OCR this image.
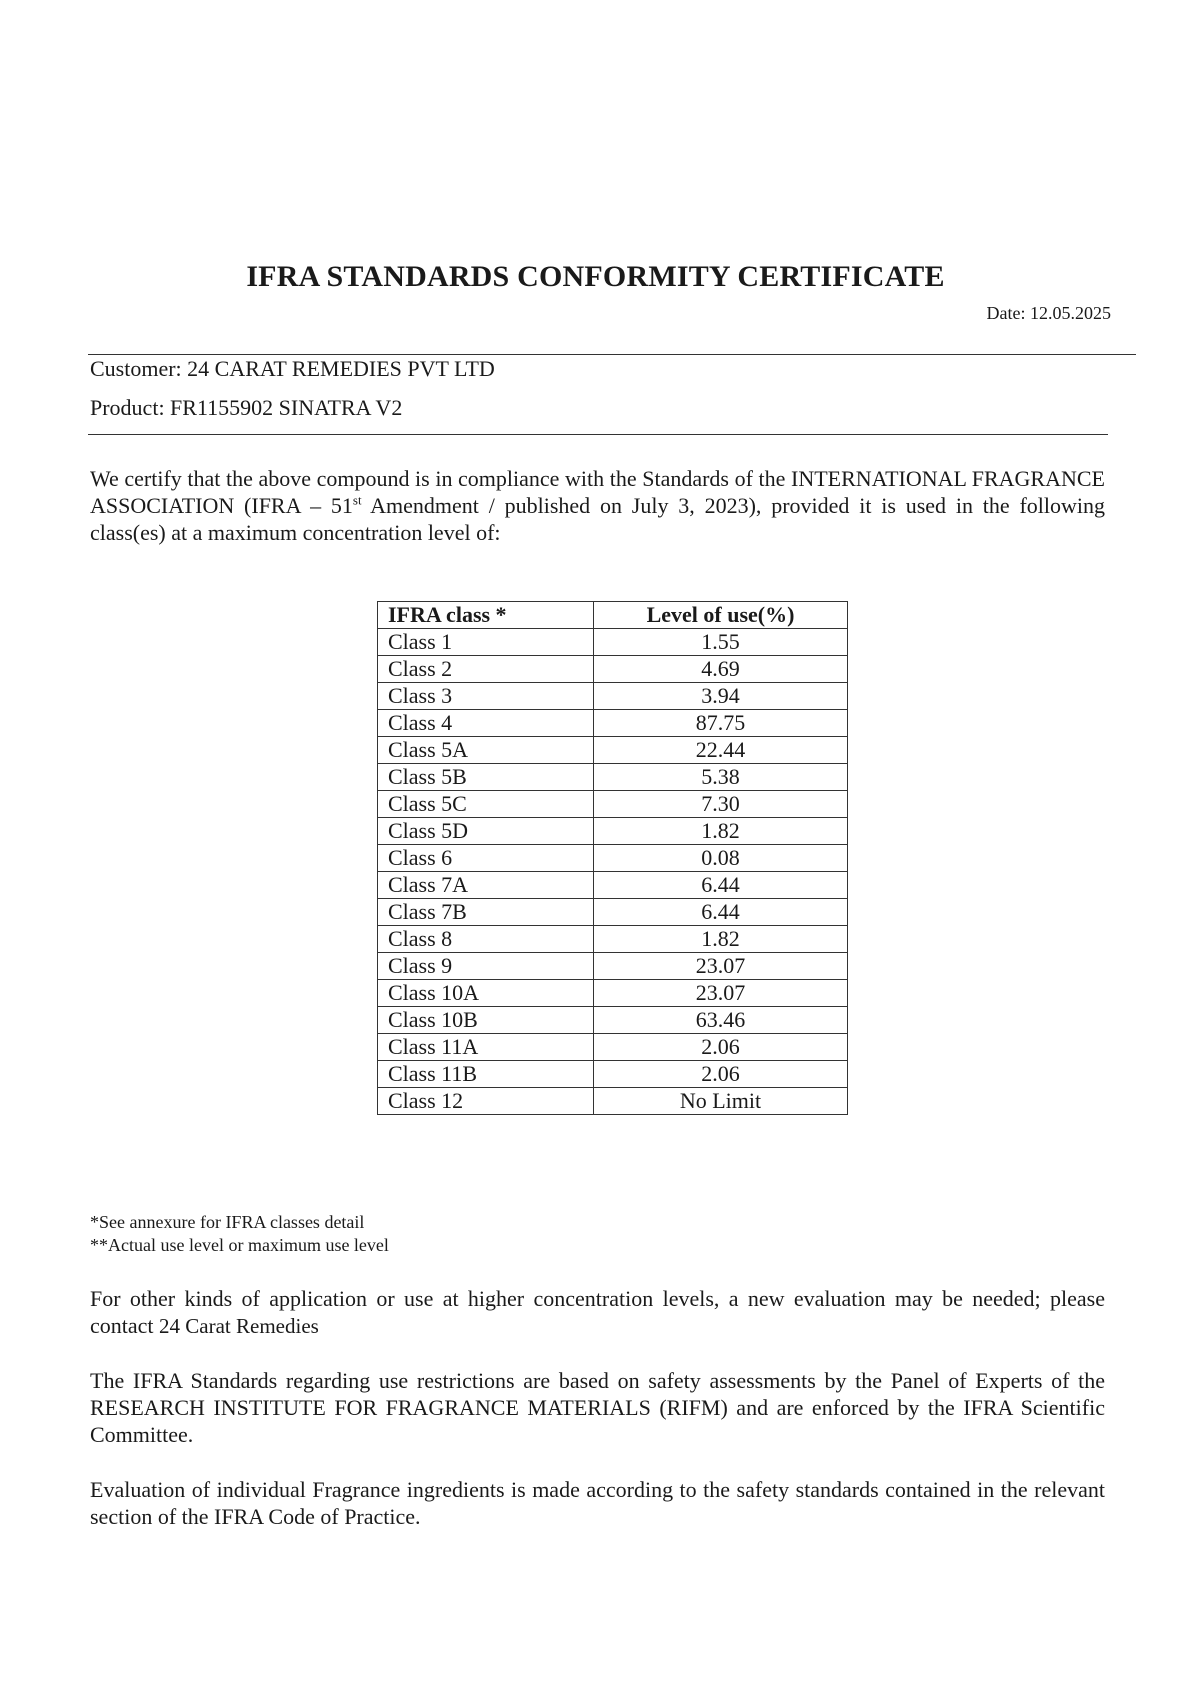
IFRA STANDARDS CONFORMITY CERTIFICATE
Date: 12.05.2025
Customer: 24 CARAT REMEDIES PVT LTD
Product: FR1155902 SINATRA V2

We certify that the above compound is in compliance with the Standards of the INTERNATIONAL FRAGRANCE ASSOCIATION (IFRA – 51st Amendment / published on July 3, 2023), provided it is used in the following class(es) at a maximum concentration level of:

IFRA class *	Level of use(%)
Class 1	1.55
Class 2	4.69
Class 3	3.94
Class 4	87.75
Class 5A	22.44
Class 5B	5.38
Class 5C	7.30
Class 5D	1.82
Class 6	0.08
Class 7A	6.44
Class 7B	6.44
Class 8	1.82
Class 9	23.07
Class 10A	23.07
Class 10B	63.46
Class 11A	2.06
Class 11B	2.06
Class 12	No Limit
*See annexure for IFRA classes detail
**Actual use level or maximum use level

For other kinds of application or use at higher concentration levels, a new evaluation may be needed; please contact 24 Carat Remedies

The IFRA Standards regarding use restrictions are based on safety assessments by the Panel of Experts of the RESEARCH INSTITUTE FOR FRAGRANCE MATERIALS (RIFM) and are enforced by the IFRA Scientific Committee.

Evaluation of individual Fragrance ingredients is made according to the safety standards contained in the relevant section of the IFRA Code of Practice.
